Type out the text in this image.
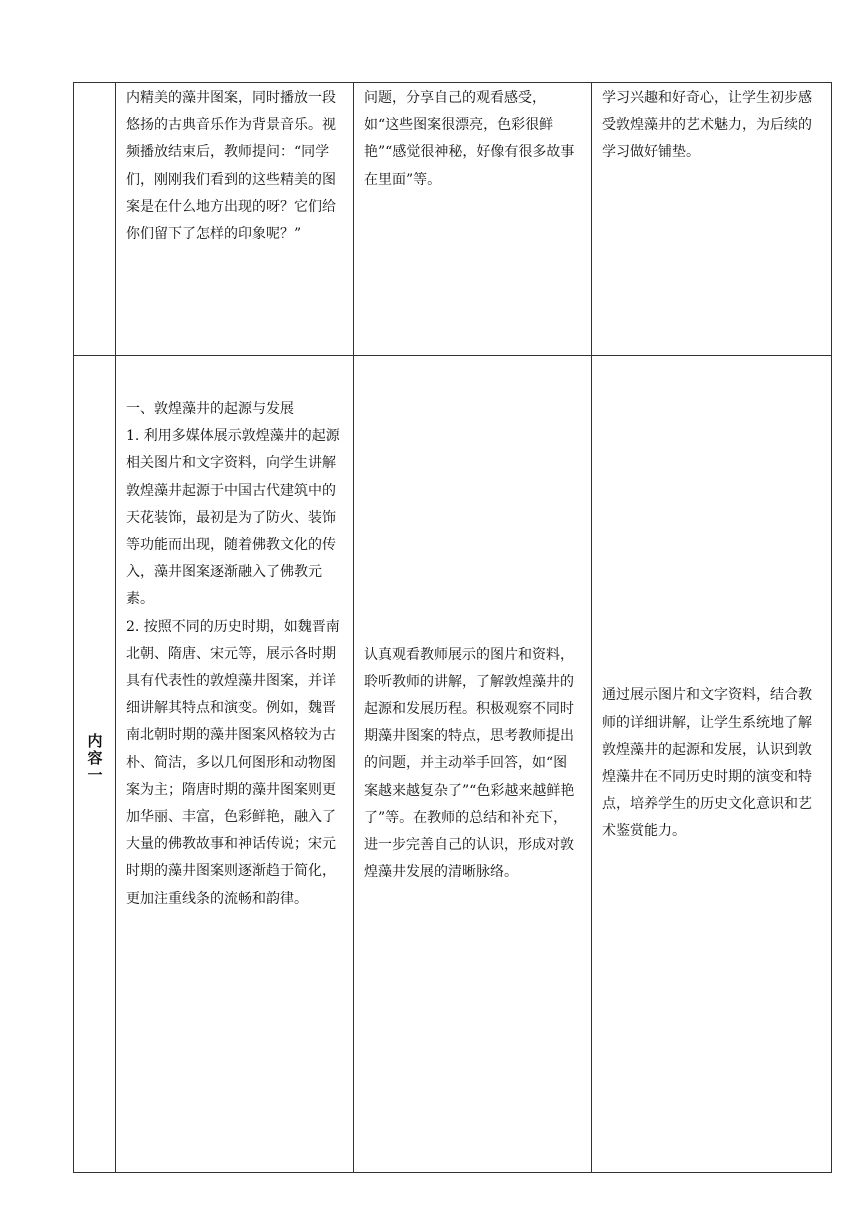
	内精美的藻井图案，同时播放一段悠扬的古典音乐作为背景音乐。视频播放结束后，教师提问：“同学们，刚刚我们看到的这些精美的图案是在什么地方出现的呀？它们给你们留下了怎样的印象呢？”	问题，分享自己的观看感受，如“这些图案很漂亮，色彩很鲜艳”“感觉很神秘，好像有很多故事在里面”等。	学习兴趣和好奇心，让学生初步感受敦煌藻井的艺术魅力，为后续的学习做好铺垫。

内容一	一、敦煌藻井的起源与发展

1. 利用多媒体展示敦煌藻井的起源相关图片和文字资料，向学生讲解敦煌藻井起源于中国古代建筑中的天花装饰，最初是为了防火、装饰等功能而出现，随着佛教文化的传入，藻井图案逐渐融入了佛教元素。

2. 按照不同的历史时期，如魏晋南北朝、隋唐、宋元等，展示各时期具有代表性的敦煌藻井图案，并详细讲解其特点和演变。例如，魏晋南北朝时期的藻井图案风格较为古朴、简洁，多以几何图形和动物图案为主；隋唐时期的藻井图案则更加华丽、丰富，色彩鲜艳，融入了大量的佛教故事和神话传说；宋元时期的藻井图案则逐渐趋于简化，更加注重线条的流畅和韵律。	认真观看教师展示的图片和资料，聆听教师的讲解，了解敦煌藻井的起源和发展历程。积极观察不同时期藻井图案的特点，思考教师提出的问题，并主动举手回答，如“图案越来越复杂了”“色彩越来越鲜艳了”等。在教师的总结和补充下，进一步完善自己的认识，形成对敦煌藻井发展的清晰脉络。	通过展示图片和文字资料，结合教师的详细讲解，让学生系统地了解敦煌藻井的起源和发展，认识到敦煌藻井在不同历史时期的演变和特点，培养学生的历史文化意识和艺术鉴赏能力。
